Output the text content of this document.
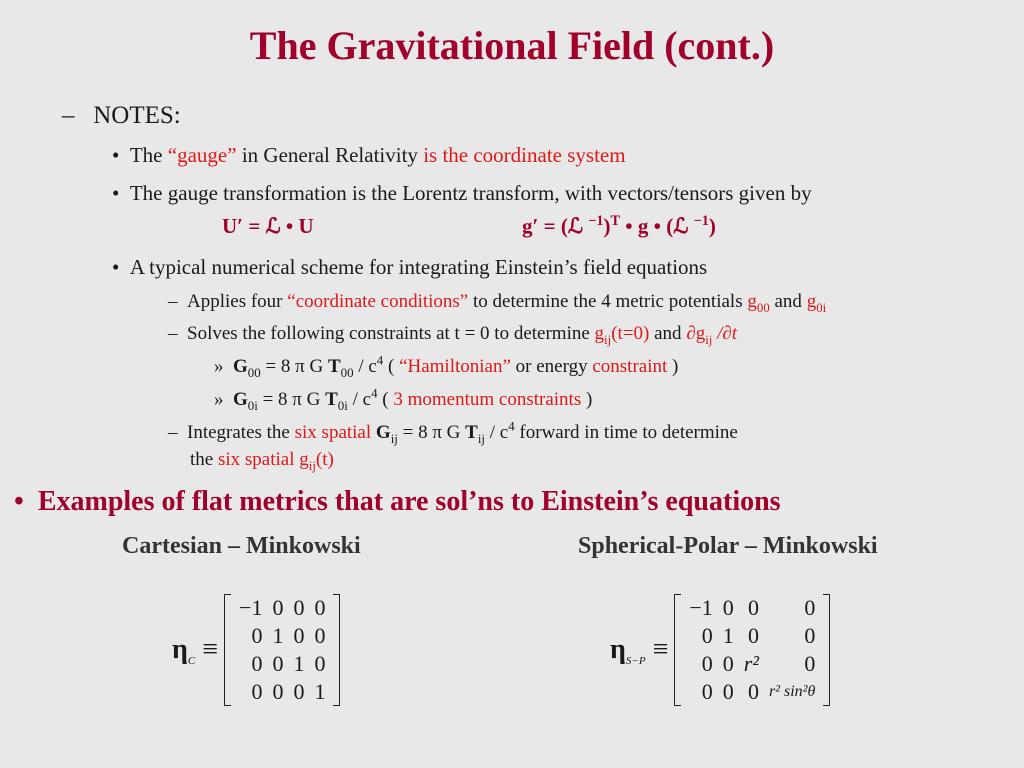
The Gravitational Field (cont.)
– NOTES:
• The “gauge” in General Relativity is the coordinate system
• The gauge transformation is the Lorentz transform, with vectors/tensors given by
U′ = ℒ • U	g′ = (ℒ $^{-1}$)$^T$ • g • (ℒ $^{-1}$)
• A typical numerical scheme for integrating Einstein’s field equations
– Applies four “coordinate conditions” to determine the 4 metric potentials $g_{00}$ and $g_{0i}$
– Solves the following constraints at t = 0 to determine $g_{ij}(t=0)$ and $\partial g_{ij}$ /∂t
» $G_{00} = 8$ π G $T_{00} / c^4$ ( “Hamiltonian” or energy constraint )
» $G_{0i} = 8$ π G $T_{0i} / c^4$ ( 3 momentum constraints )
– Integrates the six spatial $G_{ij} = 8$ π G $T_{ij} / c^4$ forward in time to determine
the six spatial $g_{ij}(t)$
• Examples of flat metrics that are sol’ns to Einstein’s equations
Cartesian – Minkowski	Spherical-Polar – Minkowski
$\eta_C$ ≡
−1	0	0	0
0	1	0	0
0	0	1	0
0	0	0	1
$\eta_{S-P}$ ≡
−1	0	0	0
0	1	0	0
0	0	r²	0
0	0	0	r² sin²θ
